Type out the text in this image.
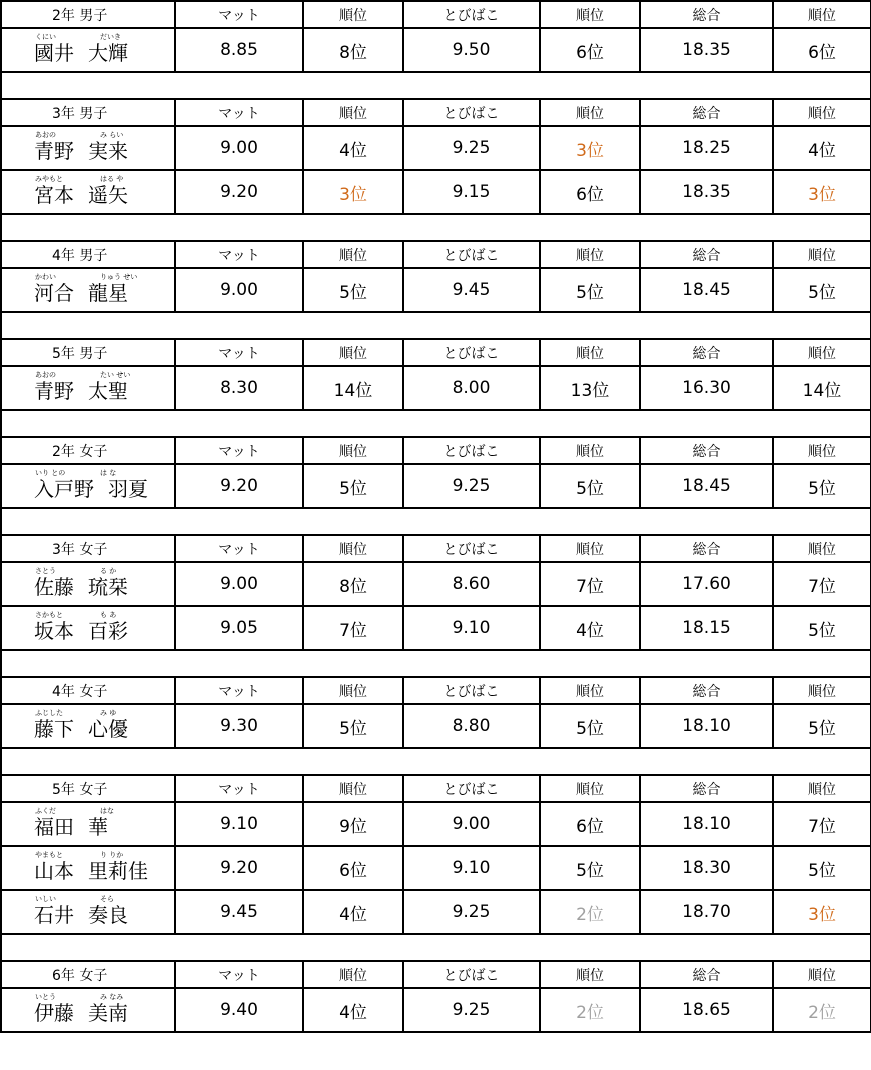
2年 男子	マット	順位	とびばこ	順位	総合	順位

くにい だいき
國井 大輝	8.85	8位	9.50	6位	18.35	6位

3年 男子	マット	順位	とびばこ	順位	総合	順位

あおの み らい
青野 実来	9.00	4位	9.25	3位	18.25	4位

みやもと はる や
宮本 遥矢	9.20	3位	9.15	6位	18.35	3位

4年 男子	マット	順位	とびばこ	順位	総合	順位

かわい りゅう せい
河合 龍星	9.00	5位	9.45	5位	18.45	5位

5年 男子	マット	順位	とびばこ	順位	総合	順位

あおの たい せい
青野 太聖	8.30	14位	8.00	13位	16.30	14位

2年 女子	マット	順位	とびばこ	順位	総合	順位

いり との は な
入戸野 羽夏	9.20	5位	9.25	5位	18.45	5位

3年 女子	マット	順位	とびばこ	順位	総合	順位

さとう る か
佐藤 琉栞	9.00	8位	8.60	7位	17.60	7位

さかもと も あ
坂本 百彩	9.05	7位	9.10	4位	18.15	5位

4年 女子	マット	順位	とびばこ	順位	総合	順位

ふじした み ゆ
藤下 心優	9.30	5位	8.80	5位	18.10	5位

5年 女子	マット	順位	とびばこ	順位	総合	順位

ふくだ はな
福田 華	9.10	9位	9.00	6位	18.10	7位

やまもと り りか
山本 里莉佳	9.20	6位	9.10	5位	18.30	5位

いしい そら
石井 奏良	9.45	4位	9.25	2位	18.70	3位

6年 女子	マット	順位	とびばこ	順位	総合	順位

いとう み なみ
伊藤 美南	9.40	4位	9.25	2位	18.65	2位
